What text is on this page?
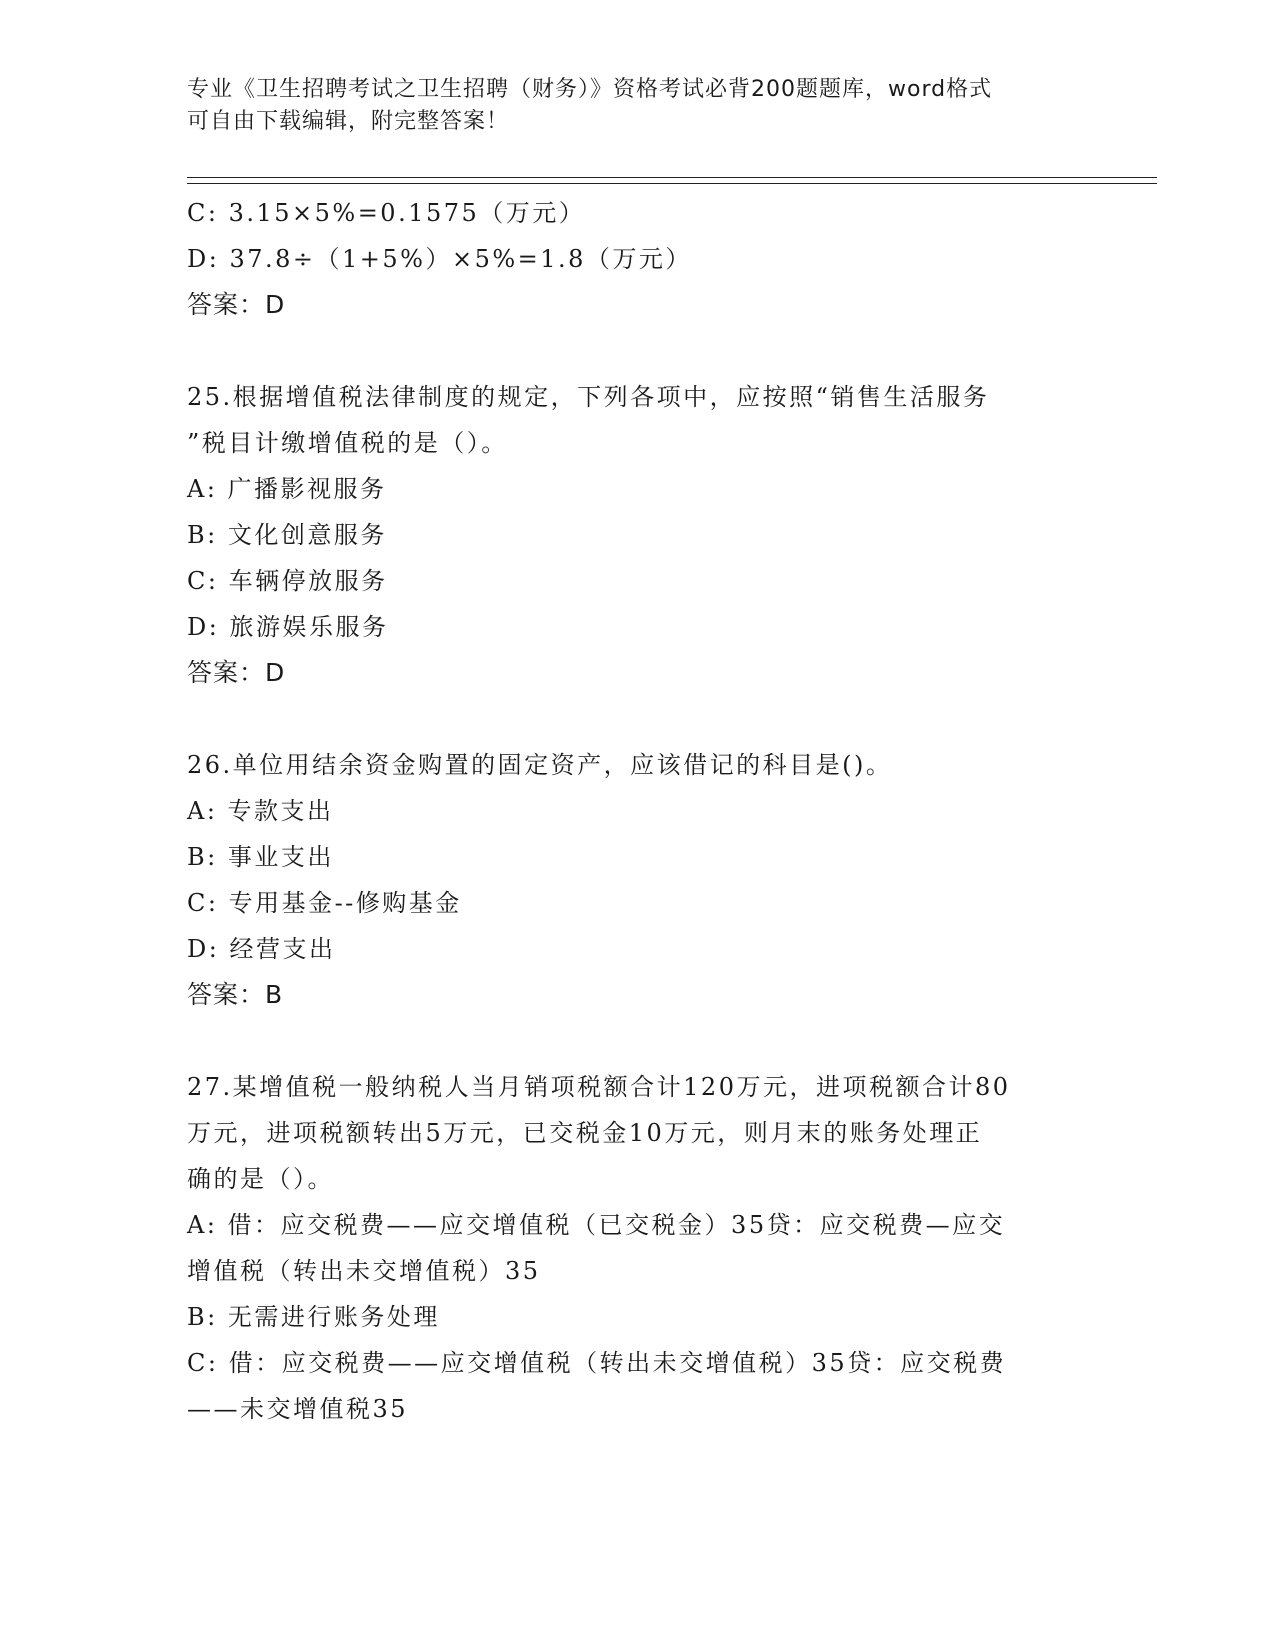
专业《卫生招聘考试之卫生招聘（财务）》资格考试必背200题题库，word格式
可自由下载编辑，附完整答案！
C: 3.15×5%=0.1575（万元）
D: 37.8÷（1+5%）×5%=1.8（万元）
答案：D
25.根据增值税法律制度的规定，下列各项中，应按照“销售生活服务
”税目计缴增值税的是（）。
A: 广播影视服务
B: 文化创意服务
C: 车辆停放服务
D: 旅游娱乐服务
答案：D
26.单位用结余资金购置的固定资产，应该借记的科目是()。
A: 专款支出
B: 事业支出
C: 专用基金--修购基金
D: 经营支出
答案：B
27.某增值税一般纳税人当月销项税额合计120万元，进项税额合计80
万元，进项税额转出5万元，已交税金10万元，则月末的账务处理正
确的是（）。
A: 借：应交税费——应交增值税（已交税金）35贷：应交税费—应交
增值税（转出未交增值税）35
B: 无需进行账务处理
C: 借：应交税费——应交增值税（转出未交增值税）35贷：应交税费
——未交增值税35
